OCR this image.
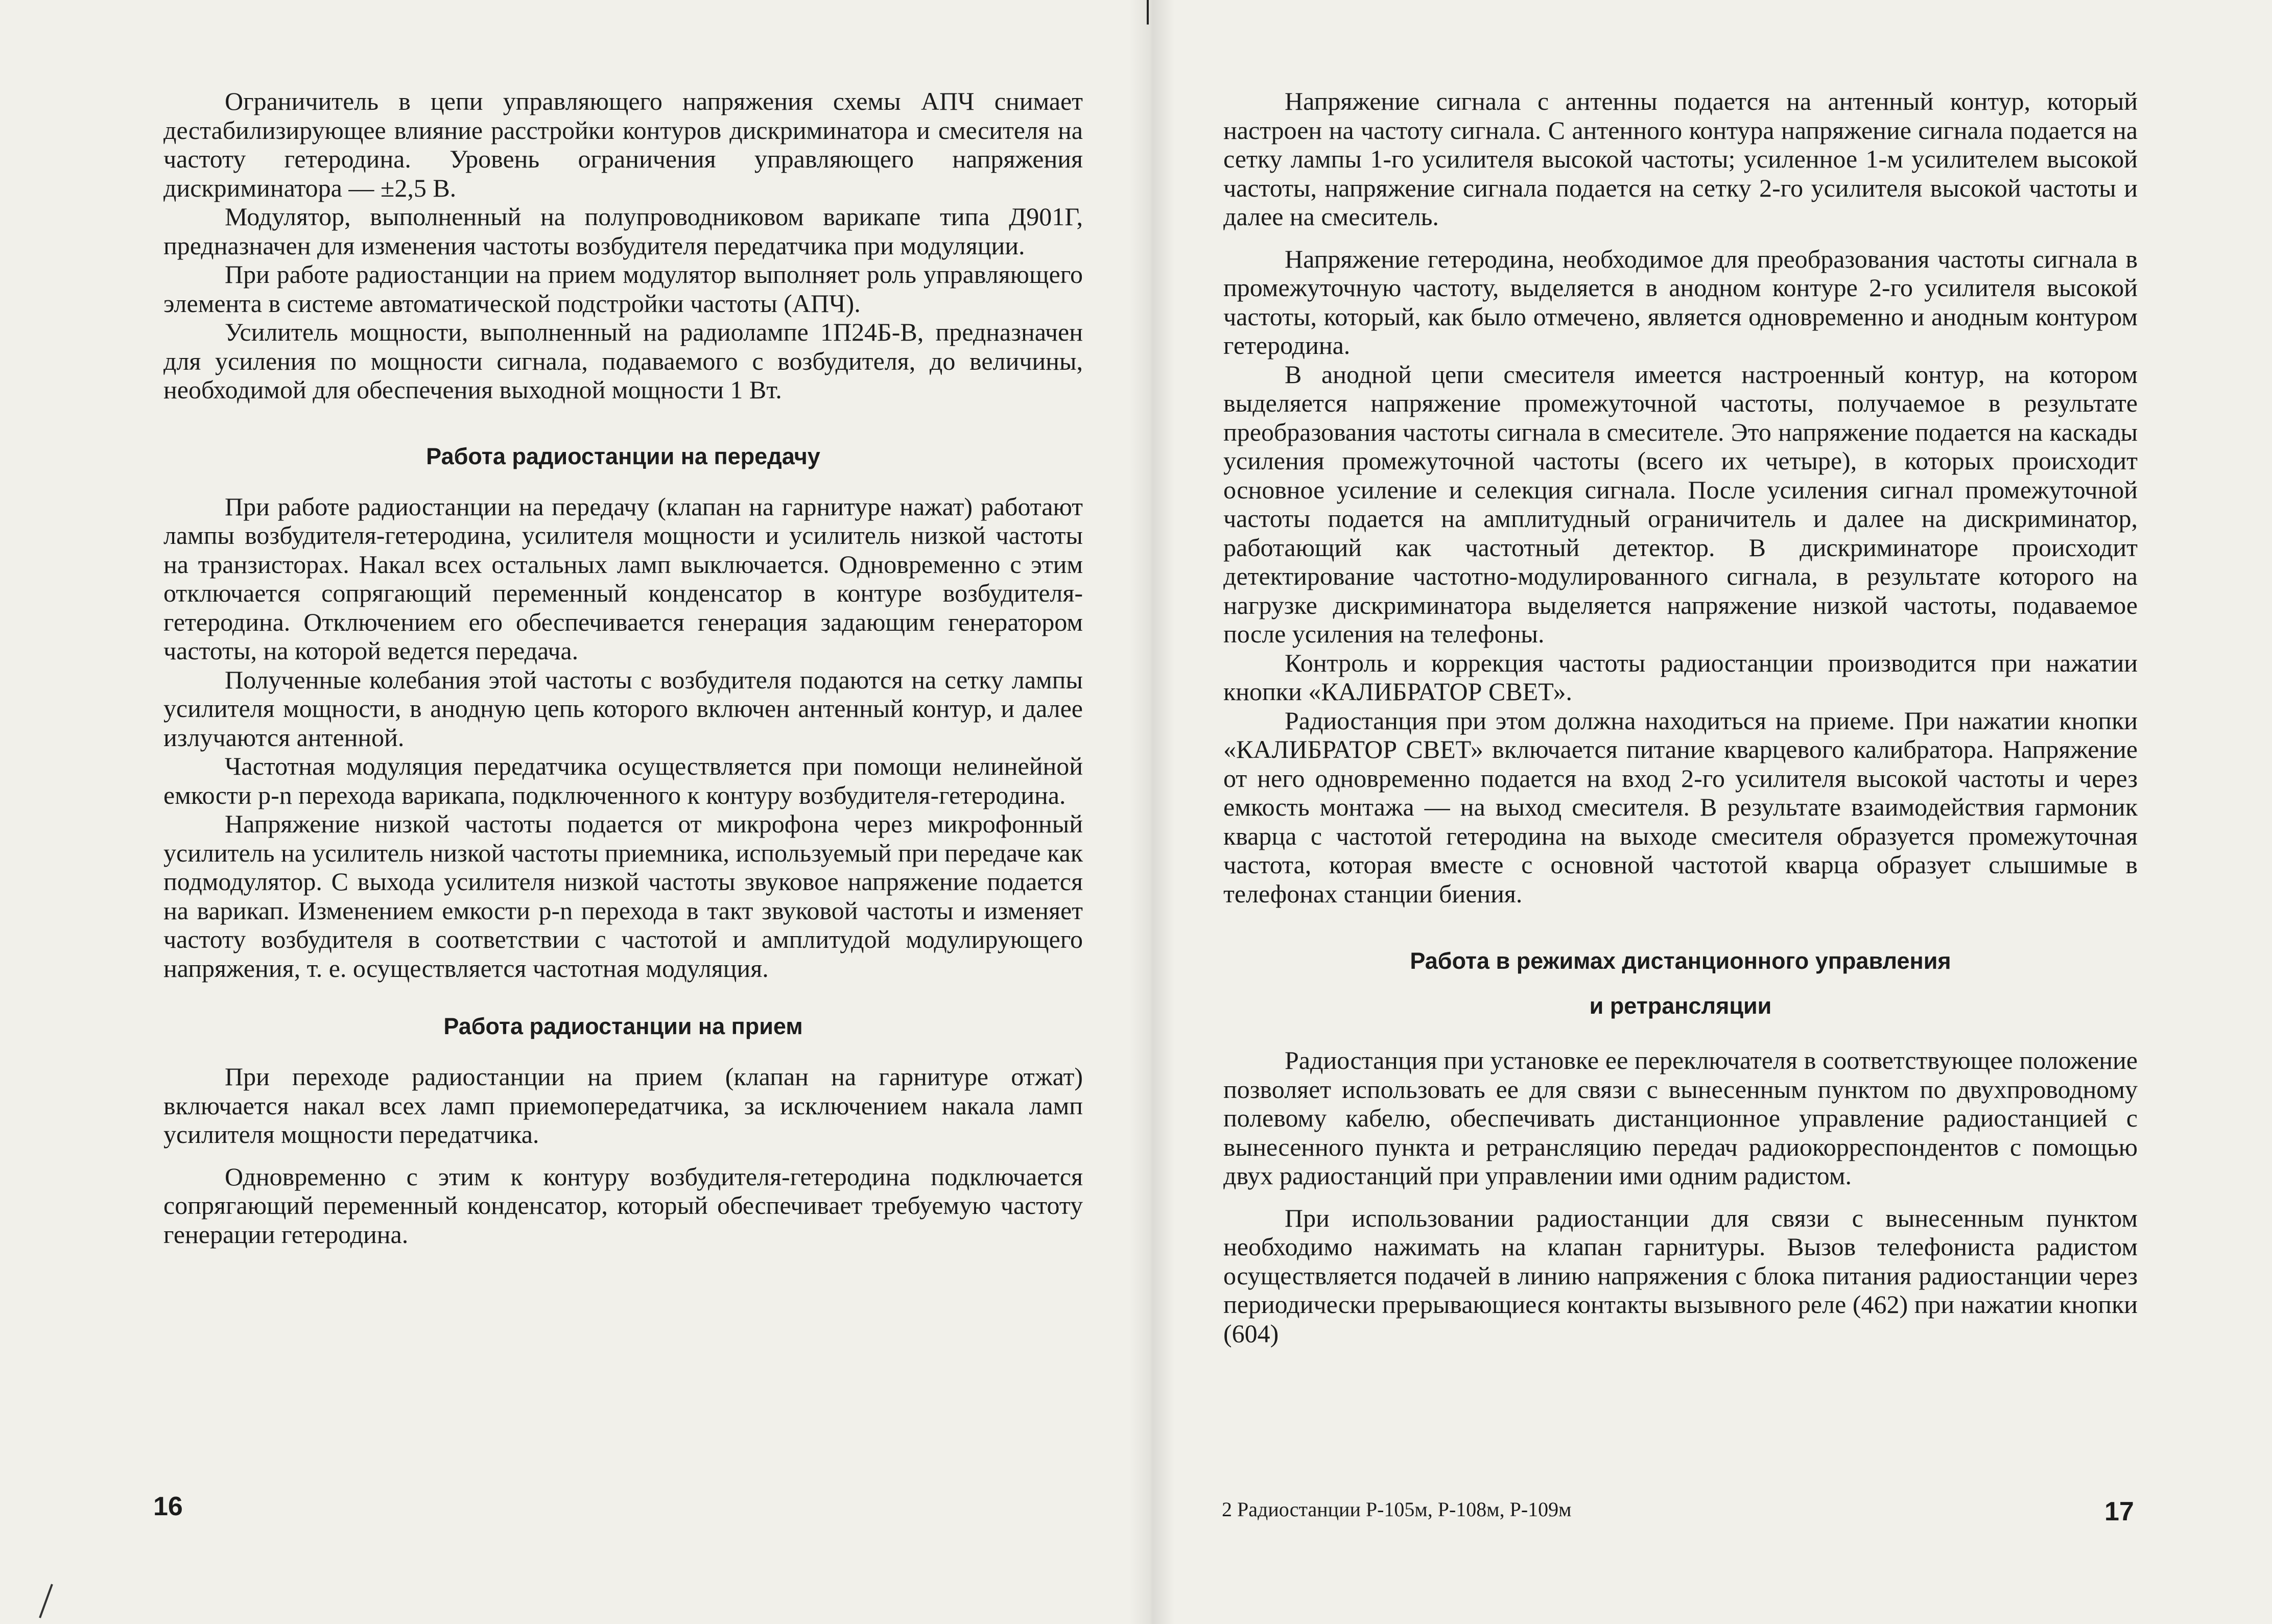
Ограничитель в цепи управляющего напряжения схемы АПЧ снимает дестабилизирующее влияние расстройки контуров дискриминатора и смесителя на частоту гетеродина. Уровень ограничения управляющего напряжения дискриминатора — ±2,5 В.

Модулятор, выполненный на полупроводниковом варикапе типа Д901Г, предназначен для изменения частоты возбудителя передатчика при модуляции.

При работе радиостанции на прием модулятор выполняет роль управляющего элемента в системе автоматической подстройки частоты (АПЧ).

Усилитель мощности, выполненный на радиолампе 1П24Б-В, предназначен для усиления по мощности сигнала, подаваемого с возбудителя, до величины, необходимой для обеспечения выходной мощности 1 Вт.

Работа радиостанции на передачу

При работе радиостанции на передачу (клапан на гарнитуре нажат) работают лампы возбудителя-гетеродина, усилителя мощности и усилитель низкой частоты на транзисторах. Накал всех остальных ламп выключается. Одновременно с этим отключается сопрягающий переменный конденсатор в контуре возбудителя-гетеродина. Отключением его обеспечивается генерация задающим генератором частоты, на которой ведется передача.

Полученные колебания этой частоты с возбудителя подаются на сетку лампы усилителя мощности, в анодную цепь которого включен антенный контур, и далее излучаются антенной.

Частотная модуляция передатчика осуществляется при помощи нелинейной емкости p-n перехода варикапа, подключенного к контуру возбудителя-гетеродина.

Напряжение низкой частоты подается от микрофона через микрофонный усилитель на усилитель низкой частоты приемника, используемый при передаче как подмодулятор. С выхода усилителя низкой частоты звуковое напряжение подается на варикап. Изменением емкости p-n перехода в такт звуковой частоты и изменяет частоту возбудителя в соответствии с частотой и амплитудой модулирующего напряжения, т. е. осуществляется частотная модуляция.

Работа радиостанции на прием

При переходе радиостанции на прием (клапан на гарнитуре отжат) включается накал всех ламп приемопередатчика, за исключением накала ламп усилителя мощности передатчика.

Одновременно с этим к контуру возбудителя-гетеродина подключается сопрягающий переменный конденсатор, который обеспечивает требуемую частоту генерации гетеродина.

16

Напряжение сигнала с антенны подается на антенный контур, который настроен на частоту сигнала. С антенного контура напряжение сигнала подается на сетку лампы 1-го усилителя высокой частоты; усиленное 1-м усилителем высокой частоты, напряжение сигнала подается на сетку 2-го усилителя высокой частоты и далее на смеситель.

Напряжение гетеродина, необходимое для преобразования частоты сигнала в промежуточную частоту, выделяется в анодном контуре 2-го усилителя высокой частоты, который, как было отмечено, является одновременно и анодным контуром гетеродина.

В анодной цепи смесителя имеется настроенный контур, на котором выделяется напряжение промежуточной частоты, получаемое в результате преобразования частоты сигнала в смесителе. Это напряжение подается на каскады усиления промежуточной частоты (всего их четыре), в которых происходит основное усиление и селекция сигнала. После усиления сигнал промежуточной частоты подается на амплитудный ограничитель и далее на дискриминатор, работающий как частотный детектор. В дискриминаторе происходит детектирование частотно-модулированного сигнала, в результате которого на нагрузке дискриминатора выделяется напряжение низкой частоты, подаваемое после усиления на телефоны.

Контроль и коррекция частоты радиостанции производится при нажатии кнопки «КАЛИБРАТОР СВЕТ».

Радиостанция при этом должна находиться на приеме. При нажатии кнопки «КАЛИБРАТОР СВЕТ» включается питание кварцевого калибратора. Напряжение от него одновременно подается на вход 2-го усилителя высокой частоты и через емкость монтажа — на выход смесителя. В результате взаимодействия гармоник кварца с частотой гетеродина на выходе смесителя образуется промежуточная частота, которая вместе с основной частотой кварца образует слышимые в телефонах станции биения.

Работа в режимах дистанционного управления
и ретрансляции

Радиостанция при установке ее переключателя в соответствующее положение позволяет использовать ее для связи с вынесенным пунктом по двухпроводному полевому кабелю, обеспечивать дистанционное управление радиостанцией с вынесенного пункта и ретрансляцию передач радиокорреспондентов с помощью двух радиостанций при управлении ими одним радистом.

При использовании радиостанции для связи с вынесенным пунктом необходимо нажимать на клапан гарнитуры. Вызов телефониста радистом осуществляется подачей в линию напряжения с блока питания радиостанции через периодически прерывающиеся контакты вызывного реле (462) при нажатии кнопки (604)

2 Радиостанции Р-105м, Р-108м, Р-109м	17
